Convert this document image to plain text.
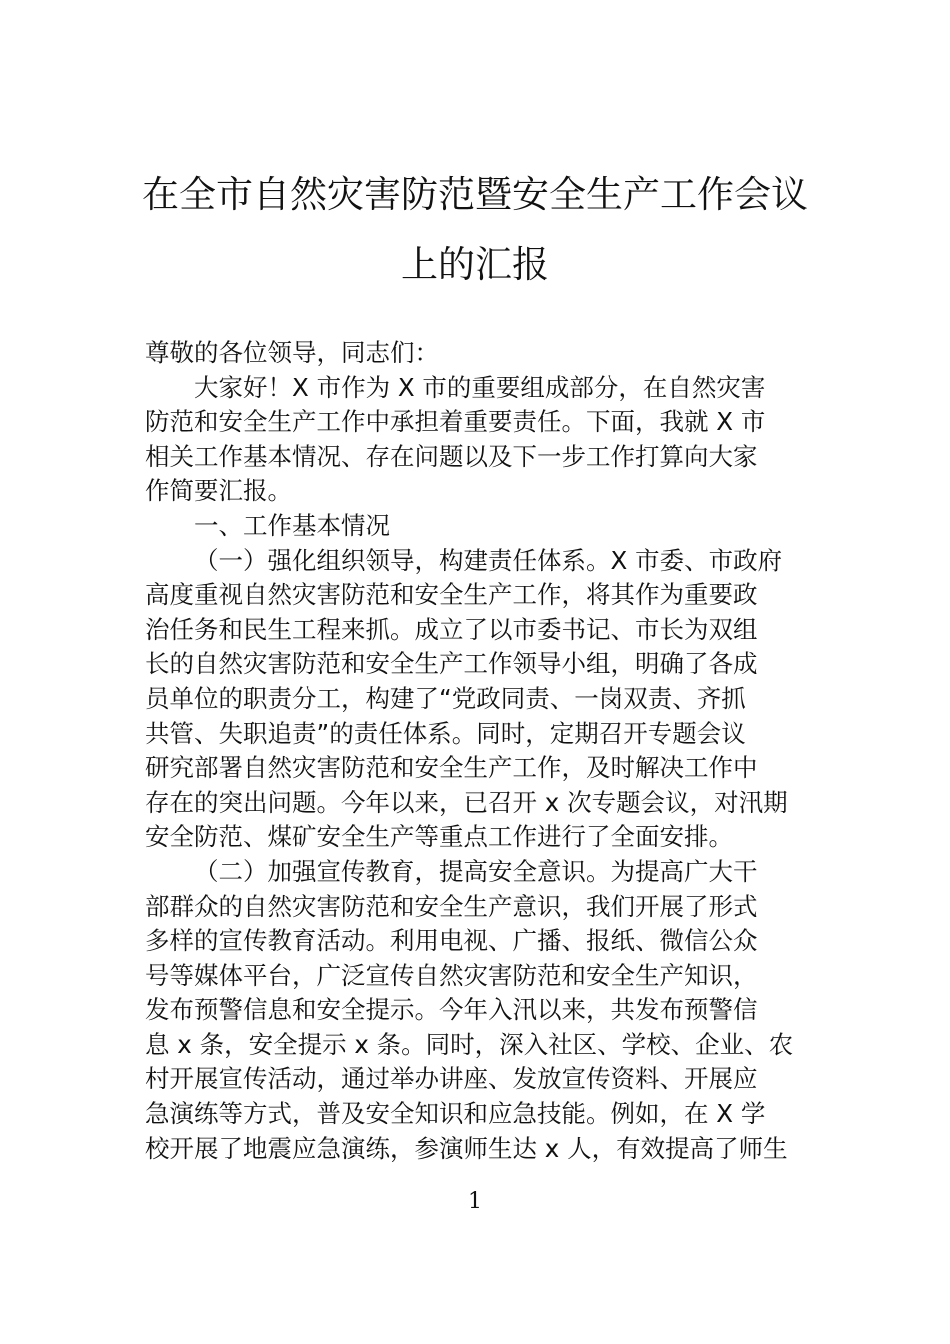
在全市自然灾害防范暨安全生产工作会议
上的汇报
尊敬的各位领导，同志们：
大家好！X 市作为 X 市的重要组成部分，在自然灾害
防范和安全生产工作中承担着重要责任。下面，我就 X 市
相关工作基本情况、存在问题以及下一步工作打算向大家
作简要汇报。
一、工作基本情况
（一）强化组织领导，构建责任体系。X 市委、市政府
高度重视自然灾害防范和安全生产工作，将其作为重要政
治任务和民生工程来抓。成立了以市委书记、市长为双组
长的自然灾害防范和安全生产工作领导小组，明确了各成
员单位的职责分工，构建了“党政同责、一岗双责、齐抓
共管、失职追责”的责任体系。同时，定期召开专题会议
研究部署自然灾害防范和安全生产工作，及时解决工作中
存在的突出问题。今年以来，已召开 x 次专题会议，对汛期
安全防范、煤矿安全生产等重点工作进行了全面安排。
（二）加强宣传教育，提高安全意识。为提高广大干
部群众的自然灾害防范和安全生产意识，我们开展了形式
多样的宣传教育活动。利用电视、广播、报纸、微信公众
号等媒体平台，广泛宣传自然灾害防范和安全生产知识，
发布预警信息和安全提示。今年入汛以来，共发布预警信
息 x 条，安全提示 x 条。同时，深入社区、学校、企业、农
村开展宣传活动，通过举办讲座、发放宣传资料、开展应
急演练等方式，普及安全知识和应急技能。例如，在 X 学
校开展了地震应急演练，参演师生达 x 人，有效提高了师生
1
